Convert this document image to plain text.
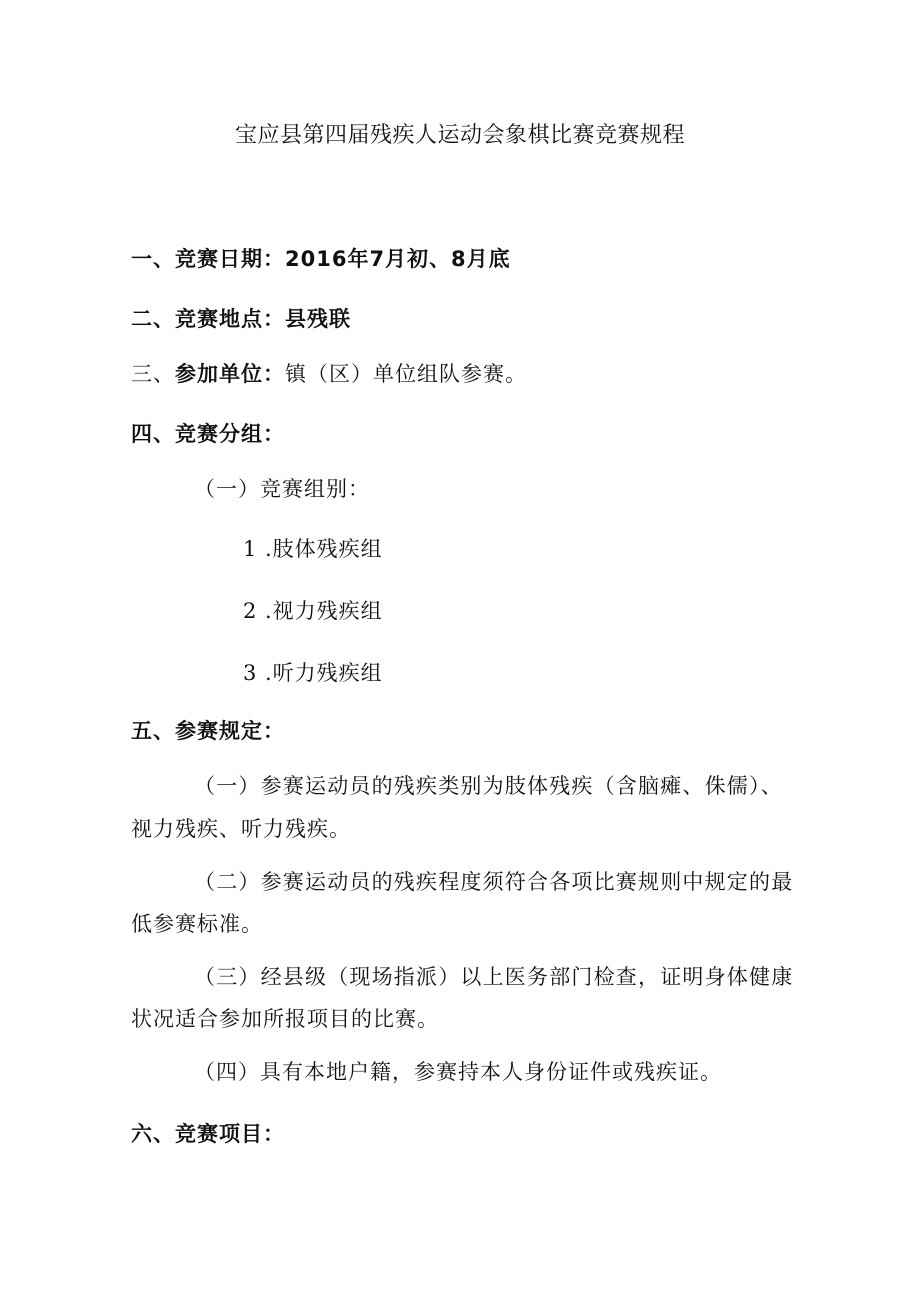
宝应县第四届残疾人运动会象棋比赛竞赛规程
一、竞赛日期：2016年7月初、8月底
二、竞赛地点：县残联
三、参加单位：镇（区）单位组队参赛。
四、竞赛分组：
（一）竞赛组别：
1 .肢体残疾组
2 .视力残疾组
3 .听力残疾组
五、参赛规定：
（一）参赛运动员的残疾类别为肢体残疾（含脑瘫、侏儒）、
视力残疾、听力残疾。
（二）参赛运动员的残疾程度须符合各项比赛规则中规定的最
低参赛标准。
（三）经县级（现场指派）以上医务部门检查，证明身体健康
状况适合参加所报项目的比赛。
（四）具有本地户籍，参赛持本人身份证件或残疾证。
六、竞赛项目：
